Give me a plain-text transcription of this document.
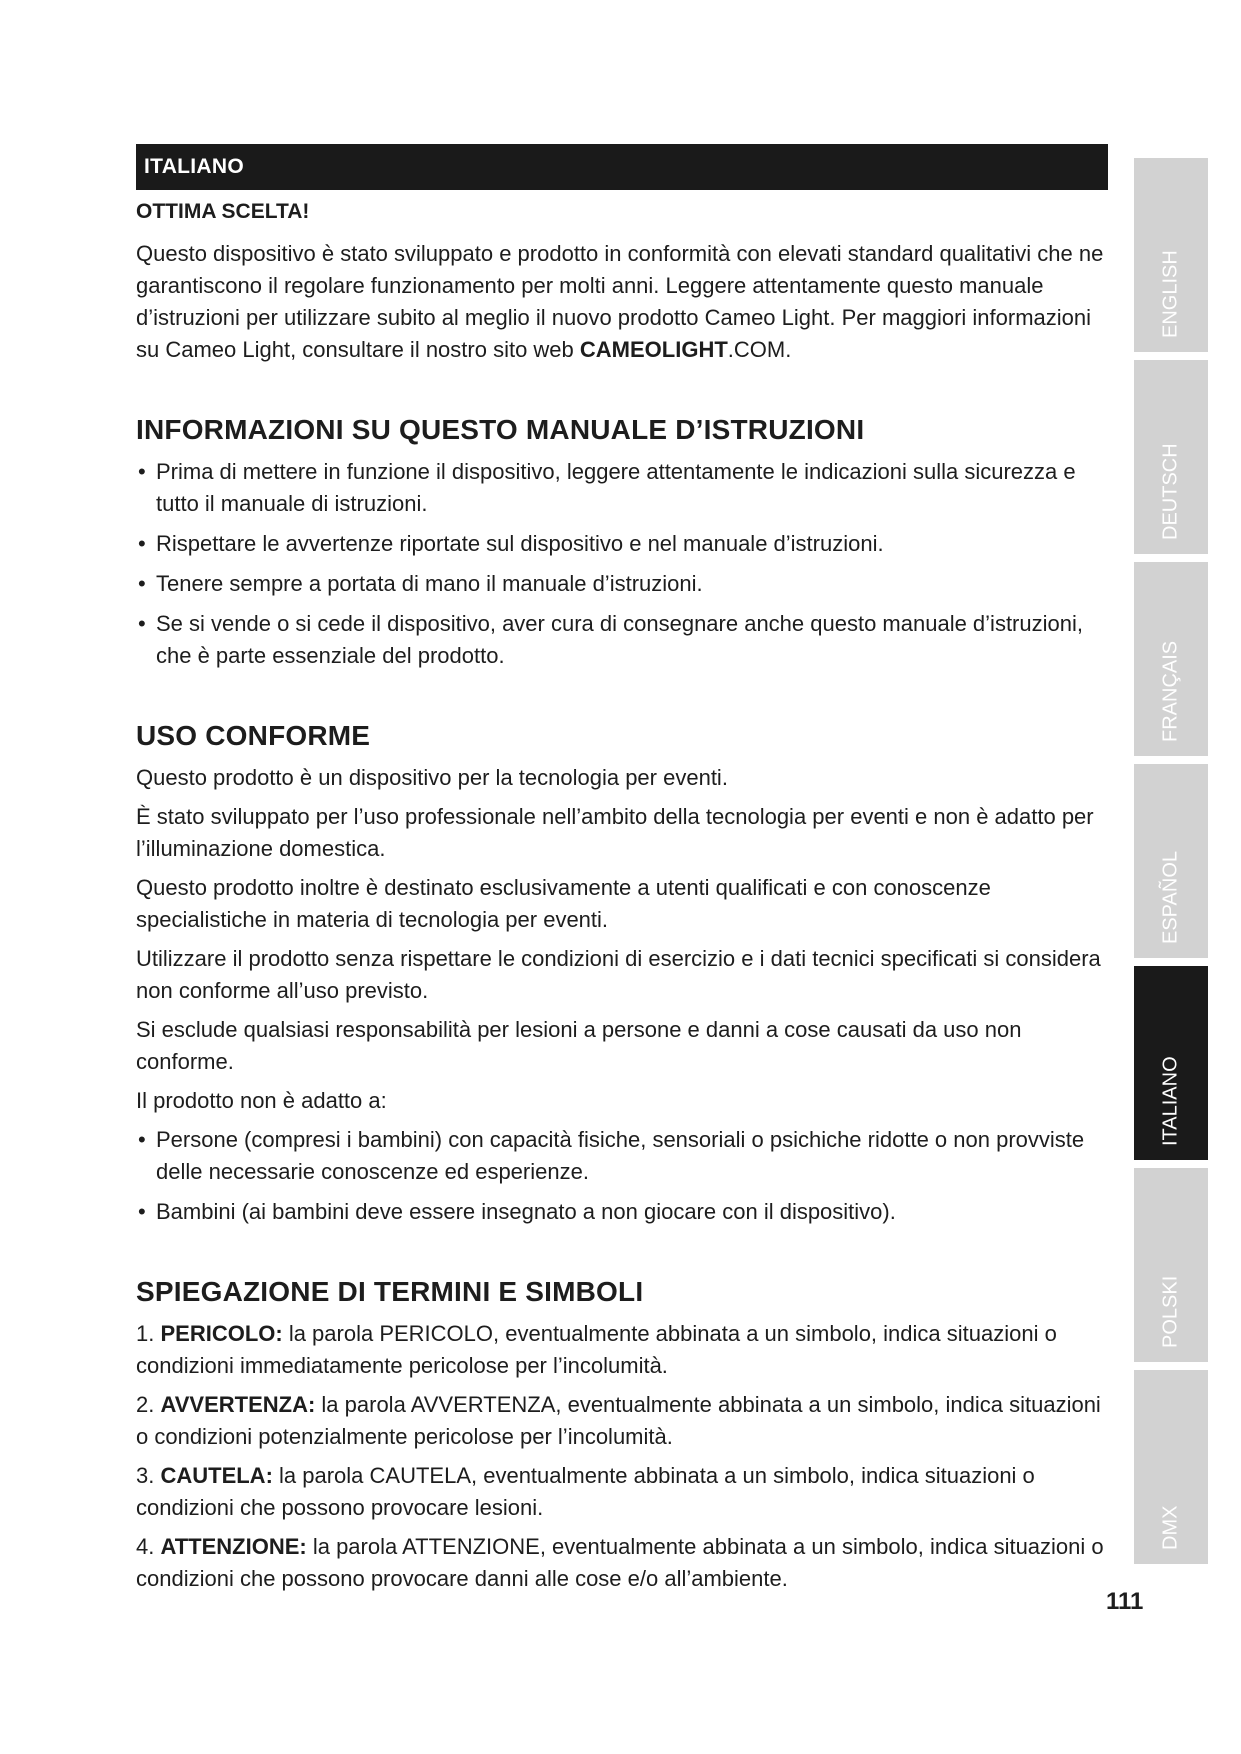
ITALIANO
OTTIMA SCELTA!

Questo dispositivo è stato sviluppato e prodotto in conformità con elevati standard qualitativi che ne garantiscono il regolare funzionamento per molti anni. Leggere attentamente questo manuale d’istruzioni per utilizzare subito al meglio il nuovo prodotto Cameo Light. Per maggiori informazioni su Cameo Light, consultare il nostro sito web CAMEOLIGHT.COM.

INFORMAZIONI SU QUESTO MANUALE D’ISTRUZIONI
• Prima di mettere in funzione il dispositivo, leggere attentamente le indicazioni sulla sicurezza e tutto il manuale di istruzioni.
• Rispettare le avvertenze riportate sul dispositivo e nel manuale d’istruzioni.
• Tenere sempre a portata di mano il manuale d’istruzioni.
• Se si vende o si cede il dispositivo, aver cura di consegnare anche questo manuale d’istruzioni, che è parte essenziale del prodotto.
USO CONFORME

Questo prodotto è un dispositivo per la tecnologia per eventi.

È stato sviluppato per l’uso professionale nell’ambito della tecnologia per eventi e non è adatto per l’illuminazione domestica.

Questo prodotto inoltre è destinato esclusivamente a utenti qualificati e con conoscenze specialistiche in materia di tecnologia per eventi.

Utilizzare il prodotto senza rispettare le condizioni di esercizio e i dati tecnici specificati si considera non conforme all’uso previsto.

Si esclude qualsiasi responsabilità per lesioni a persone e danni a cose causati da uso non conforme.

Il prodotto non è adatto a:

• Persone (compresi i bambini) con capacità fisiche, sensoriali o psichiche ridotte o non provviste delle necessarie conoscenze ed esperienze.
• Bambini (ai bambini deve essere insegnato a non giocare con il dispositivo).
SPIEGAZIONE DI TERMINI E SIMBOLI

1. PERICOLO: la parola PERICOLO, eventualmente abbinata a un simbolo, indica situazioni o condizioni immediatamente pericolose per l’incolumità.

2. AVVERTENZA: la parola AVVERTENZA, eventualmente abbinata a un simbolo, indica situazioni o condizioni potenzialmente pericolose per l’incolumità.

3. CAUTELA: la parola CAUTELA, eventualmente abbinata a un simbolo, indica situazioni o condizioni che possono provocare lesioni.

4. ATTENZIONE: la parola ATTENZIONE, eventualmente abbinata a un simbolo, indica situazioni o condizioni che possono provocare danni alle cose e/o all’ambiente.

ENGLISH
DEUTSCH
FRANÇAIS
ESPAÑOL
ITALIANO
POLSKI
DMX
111
